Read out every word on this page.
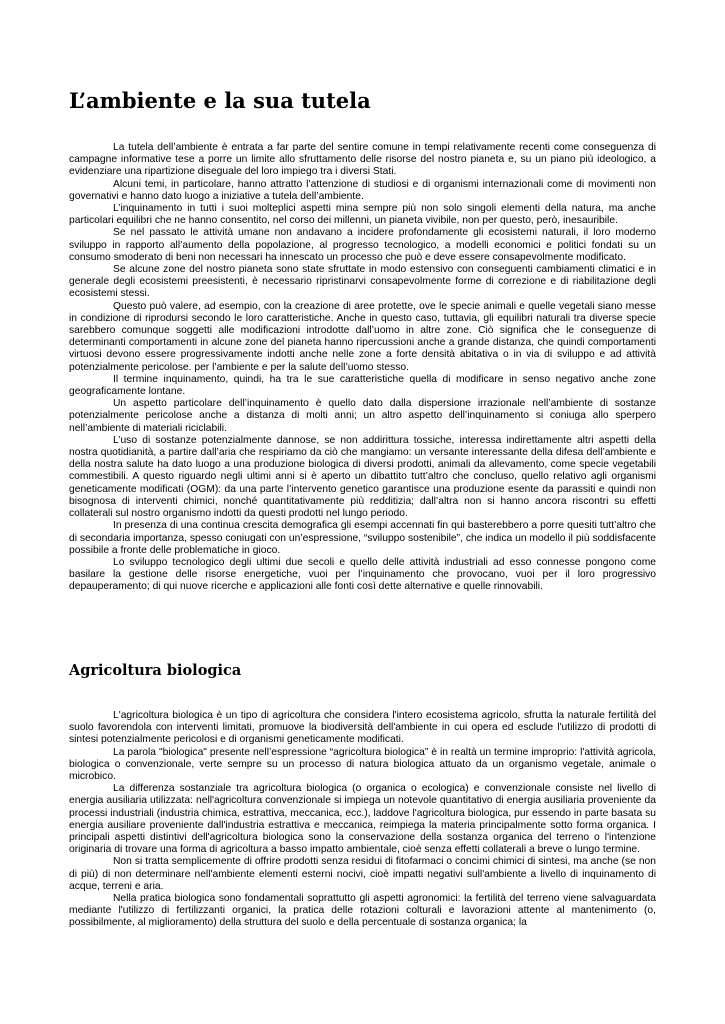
L’ambiente e la sua tutela

La tutela dell’ambiente è entrata a far parte del sentire comune in tempi relativamente recenti come conseguenza di campagne informative tese a porre un limite allo sfruttamento delle risorse del nostro pianeta e, su un piano più ideologico, a evidenziare una ripartizione diseguale del loro impiego tra i diversi Stati.

Alcuni temi, in particolare, hanno attratto l’attenzione di studiosi e di organismi internazionali come di movimenti non governativi e hanno dato luogo a iniziative a tutela dell’ambiente.

L’inquinamento in tutti i suoi molteplici aspetti mina sempre più non solo singoli elementi della natura, ma anche particolari equilibri che ne hanno consentito, nel corso dei millenni, un pianeta vivibile, non per questo, però, inesauribile.

Se nel passato le attività umane non andavano a incidere profondamente gli ecosistemi naturali, il loro moderno sviluppo in rapporto all’aumento della popolazione, al progresso tecnologico, a modelli economici e politici fondati su un consumo smoderato di beni non necessari ha innescato un processo che può e deve essere consapevolmente modificato.

Se alcune zone del nostro pianeta sono state sfruttate in modo estensivo con conseguenti cambiamenti climatici e in generale degli ecosistemi preesistenti, è necessario ripristinarvi consapevolmente forme di correzione e di riabilitazione degli ecosistemi stessi.

Questo può valere, ad esempio, con la creazione di aree protette, ove le specie animali e quelle vegetali siano messe in condizione di riprodursi secondo le loro caratteristiche. Anche in questo caso, tuttavia, gli equilibri naturali tra diverse specie sarebbero comunque soggetti alle modificazioni introdotte dall’uomo in altre zone. Ciò significa che le conseguenze di determinanti comportamenti in alcune zone del pianeta hanno ripercussioni anche a grande distanza, che quindi comportamenti virtuosi devono essere progressivamente indotti anche nelle zone a forte densità abitativa o in via di sviluppo e ad attività potenzialmente pericolose. per l’ambiente e per la salute dell’uomo stesso.

Il termine inquinamento, quindi, ha tra le sue caratteristiche quella di modificare in senso negativo anche zone geograficamente lontane.

Un aspetto particolare dell’inquinamento è quello dato dalla dispersione irrazionale nell’ambiente di sostanze potenzialmente pericolose anche a distanza di molti anni; un altro aspetto dell’inquinamento si coniuga allo sperpero nell’ambiente di materiali riciclabili.

L’uso di sostanze potenzialmente dannose, se non addirittura tossiche, interessa indirettamente altri aspetti della nostra quotidianità, a partire dall’aria che respiriamo da ciò che mangiamo: un versante interessante della difesa dell’ambiente e della nostra salute ha dato luogo a una produzione biologica di diversi prodotti, animali da allevamento, come specie vegetabili commestibili. A questo riguardo negli ultimi anni si è aperto un dibattito tutt’altro che concluso, quello relativo agli organismi geneticamente modificati (OGM): da una parte l’intervento genetico garantisce una produzione esente da parassiti e quindi non bisognosa di interventi chimici, nonché quantitativamente più redditizia; dall’altra non si hanno ancora riscontri su effetti collaterali sul nostro organismo indotti da questi prodotti nel lungo periodo.

In presenza di una continua crescita demografica gli esempi accennati fin qui basterebbero a porre quesiti tutt’altro che di secondaria importanza, spesso coniugati con un’espressione, “sviluppo sostenibile”, che indica un modello il più soddisfacente possibile a fronte delle problematiche in gioco.

Lo sviluppo tecnologico degli ultimi due secoli e quello delle attività industriali ad esso connesse pongono come basilare la gestione delle risorse energetiche, vuoi per l’inquinamento che provocano, vuoi per il loro progressivo depauperamento; di qui nuove ricerche e applicazioni alle fonti così dette alternative e quelle rinnovabili.

Agricoltura biologica

L'agricoltura biologica è un tipo di agricoltura che considera l'intero ecosistema agricolo, sfrutta la naturale fertilità del suolo favorendola con interventi limitati, promuove la biodiversità dell'ambiente in cui opera ed esclude l'utilizzo di prodotti di sintesi potenzialmente pericolosi e di organismi geneticamente modificati.

La parola "biologica" presente nell’espressione “agricoltura biologica” è in realtà un termine improprio: l'attività agricola, biologica o convenzionale, verte sempre su un processo di natura biologica attuato da un organismo vegetale, animale o microbico.

La differenza sostanziale tra agricoltura biologica (o organica o ecologica) e convenzionale consiste nel livello di energia ausiliaria utilizzata: nell'agricoltura convenzionale si impiega un notevole quantitativo di energia ausiliaria proveniente da processi industriali (industria chimica, estrattiva, meccanica, ecc.), laddove l'agricoltura biologica, pur essendo in parte basata su energia ausiliare proveniente dall'industria estrattiva e meccanica, reimpiega la materia principalmente sotto forma organica. I principali aspetti distintivi dell'agricoltura biologica sono la conservazione della sostanza organica del terreno o l'intenzione originaria di trovare una forma di agricoltura a basso impatto ambientale, cioè senza effetti collaterali a breve o lungo termine.

Non si tratta semplicemente di offrire prodotti senza residui di fitofarmaci o concimi chimici di sintesi, ma anche (se non di più) di non determinare nell'ambiente elementi esterni nocivi, cioè impatti negativi sull'ambiente a livello di inquinamento di acque, terreni e aria.

Nella pratica biologica sono fondamentali soprattutto gli aspetti agronomici: la fertilità del terreno viene salvaguardata mediante l'utilizzo di fertilizzanti organici, la pratica delle rotazioni colturali e lavorazioni attente al mantenimento (o, possibilmente, al miglioramento) della struttura del suolo e della percentuale di sostanza organica; la
